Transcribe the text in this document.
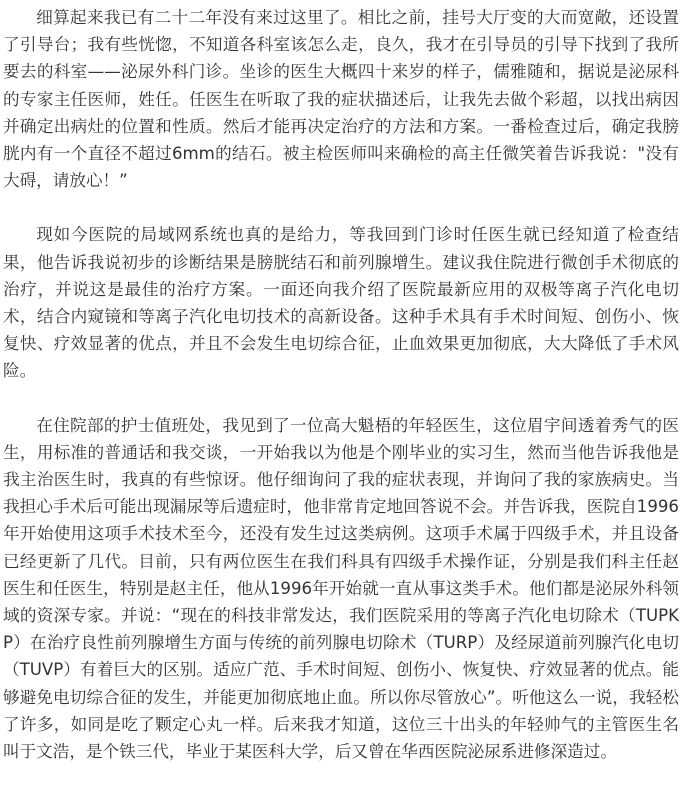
细算起来我已有二十二年没有来过这里了。相比之前，挂号大厅变的大而宽敞，还设置了引导台；我有些恍惚，不知道各科室该怎么走，良久，我才在引导员的引导下找到了我所要去的科室——泌尿外科门诊。坐诊的医生大概四十来岁的样子，儒雅随和，据说是泌尿科的专家主任医师，姓任。任医生在听取了我的症状描述后，让我先去做个彩超，以找出病因并确定出病灶的位置和性质。然后才能再决定治疗的方法和方案。一番检查过后，确定我膀胱内有一个直径不超过6mm的结石。被主检医师叫来确检的高主任微笑着告诉我说："没有大碍，请放心！”

现如今医院的局域网系统也真的是给力，等我回到门诊时任医生就已经知道了检查结果，他告诉我说初步的诊断结果是膀胱结石和前列腺增生。建议我住院进行微创手术彻底的治疗，并说这是最佳的治疗方案。一面还向我介绍了医院最新应用的双极等离子汽化电切术，结合内窥镜和等离子汽化电切技术的高新设备。这种手术具有手术时间短、创伤小、恢复快、疗效显著的优点，并且不会发生电切综合征，止血效果更加彻底，大大降低了手术风险。

在住院部的护士值班处，我见到了一位高大魁梧的年轻医生，这位眉宇间透着秀气的医生，用标准的普通话和我交谈，一开始我以为他是个刚毕业的实习生，然而当他告诉我他是我主治医生时，我真的有些惊讶。他仔细询问了我的症状表现，并询问了我的家族病史。当我担心手术后可能出现漏尿等后遗症时，他非常肯定地回答说不会。并告诉我，医院自1996年开始使用这项手术技术至今，还没有发生过这类病例。这项手术属于四级手术，并且设备已经更新了几代。目前，只有两位医生在我们科具有四级手术操作证，分别是我们科主任赵医生和任医生，特别是赵主任，他从1996年开始就一直从事这类手术。他们都是泌尿外科领域的资深专家。并说：“现在的科技非常发达，我们医院采用的等离子汽化电切除术（TUPKP）在治疗良性前列腺增生方面与传统的前列腺电切除术（TURP）及经尿道前列腺汽化电切（TUVP）有着巨大的区别。适应广范、手术时间短、创伤小、恢复快、疗效显著的优点。能够避免电切综合征的发生，并能更加彻底地止血。所以你尽管放心”。听他这么一说，我轻松了许多，如同是吃了颗定心丸一样。后来我才知道，这位三十出头的年轻帅气的主管医生名叫于文浩，是个铁三代，毕业于某医科大学，后又曾在华西医院泌尿系进修深造过。
